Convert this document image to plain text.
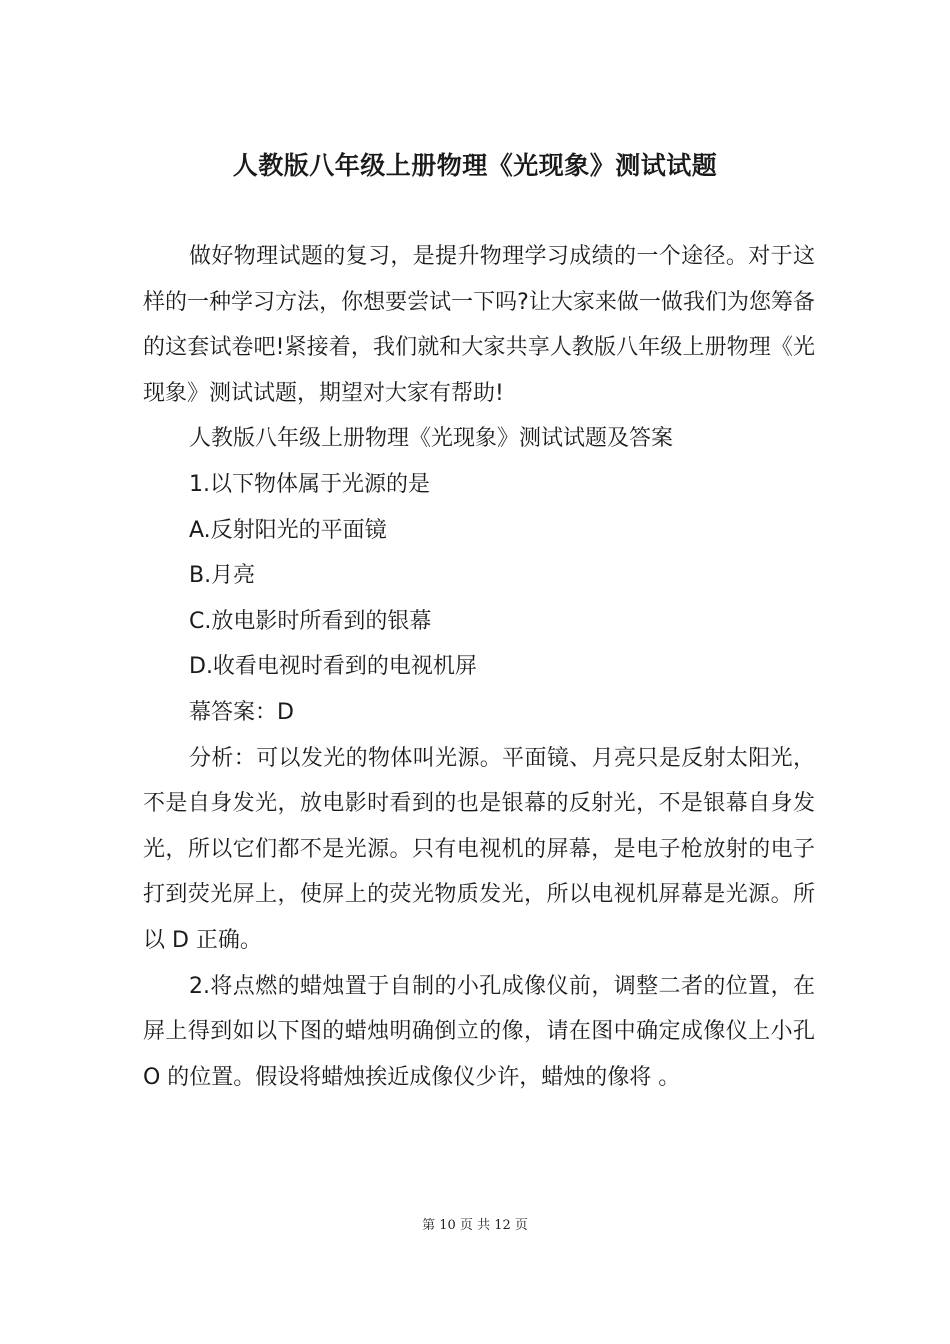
人教版八年级上册物理《光现象》测试试题

做好物理试题的复习，是提升物理学习成绩的一个途径。对于这样的一种学习方法，你想要尝试一下吗?让大家来做一做我们为您筹备的这套试卷吧!紧接着，我们就和大家共享人教版八年级上册物理《光现象》测试试题，期望对大家有帮助!

人教版八年级上册物理《光现象》测试试题及答案

1.以下物体属于光源的是

A.反射阳光的平面镜

B.月亮

C.放电影时所看到的银幕

D.收看电视时看到的电视机屏

幕答案：D

分析：可以发光的物体叫光源。平面镜、月亮只是反射太阳光，不是自身发光，放电影时看到的也是银幕的反射光，不是银幕自身发光，所以它们都不是光源。只有电视机的屏幕，是电子枪放射的电子打到荧光屏上，使屏上的荧光物质发光，所以电视机屏幕是光源。所以 D 正确。

2.将点燃的蜡烛置于自制的小孔成像仪前，调整二者的位置，在屏上得到如以下图的蜡烛明确倒立的像，请在图中确定成像仪上小孔 O 的位置。假设将蜡烛挨近成像仪少许，蜡烛的像将 。

第 10 页 共 12 页
